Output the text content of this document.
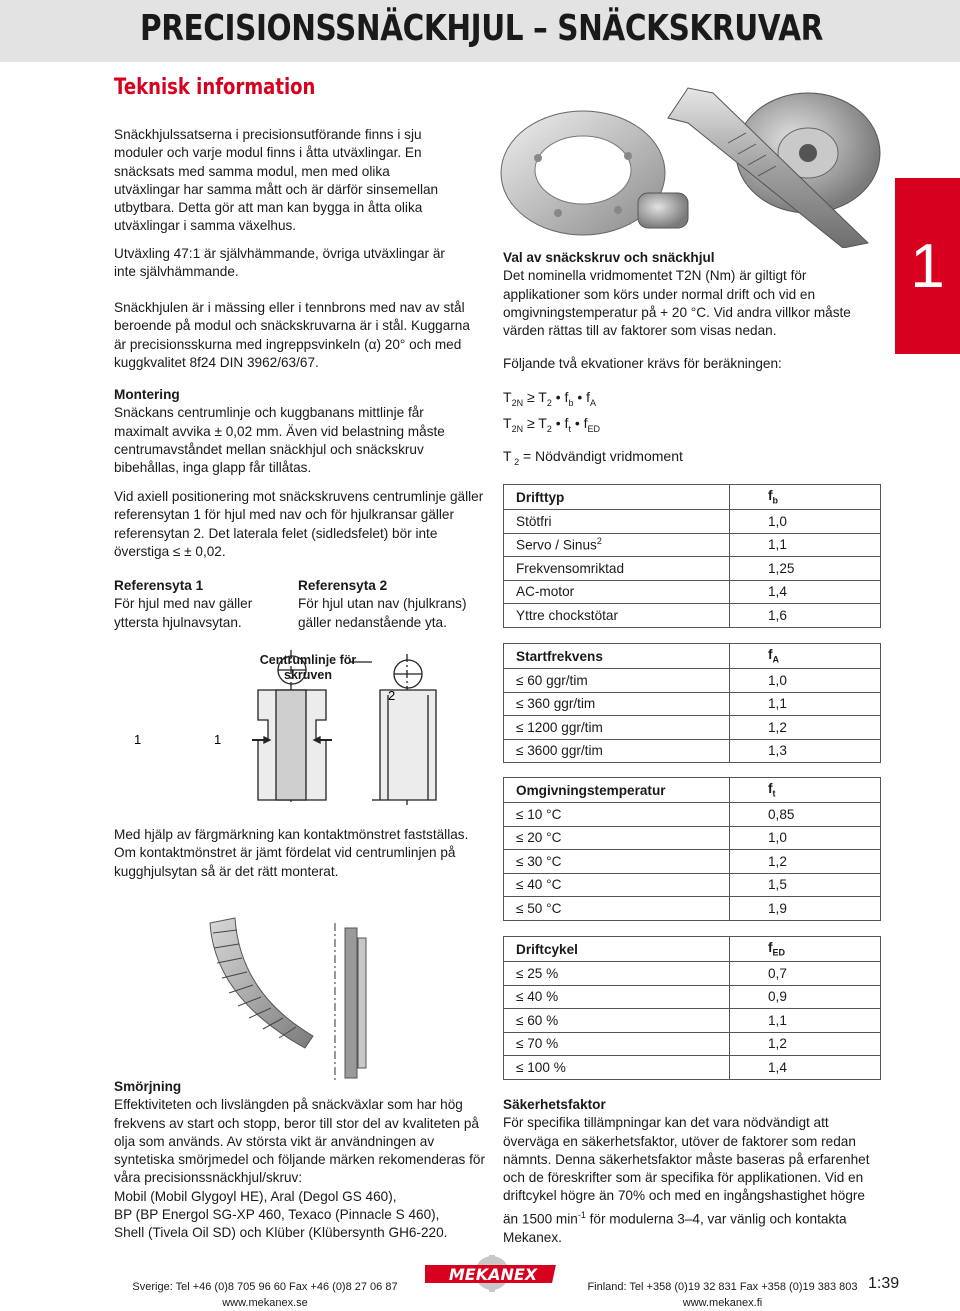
PRECISIONSSNÄCKHJUL – SNÄCKSKRUVAR
Teknisk information
1

Snäckhjulssatserna i precisionsutförande finns i sju moduler och varje modul finns i åtta utväxlingar. En snäcksats med samma modul, men med olika utväxlingar har samma mått och är därför sinsemellan utbytbara. Detta gör att man kan bygga in åtta olika utväxlingar i samma växelhus.

Utväxling 47:1 är självhämmande, övriga utväxlingar är inte självhämmande.

Snäckhjulen är i mässing eller i tennbrons med nav av stål beroende på modul och snäckskruvarna är i stål. Kuggarna är precisionsskurna med ingreppsvinkeln (α) 20° och med kuggkvalitet 8f24 DIN 3962/63/67.

Montering

Snäckans centrumlinje och kuggbanans mittlinje får maximalt avvika ± 0,02 mm. Även vid belastning måste centrumavståndet mellan snäckhjul och snäckskruv bibehållas, inga glapp får tillåtas.

Vid axiell positionering mot snäckskruvens centrumlinje gäller referensytan 1 för hjul med nav och för hjulkransar gäller referensytan 2. Det laterala felet (sidledsfelet) bör inte överstiga ≤ ± 0,02.

Referensyta 1

För hjul med nav gäller yttersta hjulnavsytan.

Referensyta 2

För hjul utan nav (hjulkrans) gäller nedanstående yta.

1	1
2
Centrumlinje för skruven

Med hjälp av färgmärkning kan kontaktmönstret fastställas. Om kontaktmönstret är jämt fördelat vid centrumlinjen på kugghjulsytan så är det rätt monterat.

Smörjning

Effektiviteten och livslängden på snäckväxlar som har hög frekvens av start och stopp, beror till stor del av kvaliteten på olja som används. Av största vikt är användningen av syntetiska smörjmedel och följande märken rekomenderas för våra precisionssnäckhjul/skruv:

Mobil (Mobil Glygoyl HE), Aral (Degol GS 460),

BP (BP Energol SG-XP 460, Texaco (Pinnacle S 460),

Shell (Tivela Oil SD) och Klüber (Klübersynth GH6-220.

Val av snäckskruv och snäckhjul

Det nominella vridmomentet T2N (Nm) är giltigt för applikationer som körs under normal drift och vid en omgivningstemperatur på + 20 °C. Vid andra villkor måste värden rättas till av faktorer som visas nedan.

Följande två ekvationer krävs för beräkningen:

$T_{2N} \ge T_2$ • $f_b$ • $f_A$
$T_{2N} \ge T_2$ • $f_t$ • $f_{ED}$
T $_2$ = Nödvändigt vridmoment
Drifttyp	$f_b$
Stötfri	1,0
Servo / Sinus$^2$	1,1
Frekvensomriktad	1,25
AC-motor	1,4
Yttre chockstötar	1,6
Startfrekvens	$f_A$
≤ 60 ggr/tim	1,0
≤ 360 ggr/tim	1,1
≤ 1200 ggr/tim	1,2
≤ 3600 ggr/tim	1,3
Omgivningstemperatur	$f_t$
≤ 10 °C	0,85
≤ 20 °C	1,0
≤ 30 °C	1,2
≤ 40 °C	1,5
≤ 50 °C	1,9
Driftcykel	$f_{ED}$
≤ 25 %	0,7
≤ 40 %	0,9
≤ 60 %	1,1
≤ 70 %	1,2
≤ 100 %	1,4

Säkerhetsfaktor

För specifika tillämpningar kan det vara nödvändigt att överväga en säkerhetsfaktor, utöver de faktorer som redan nämnts. Denna säkerhetsfaktor måste baseras på erfarenhet och de föreskrifter som är specifika för applikationen. Vid en driftcykel högre än 70% och med en ingångshastighet högre än 1500 $\min^{-1}$ för modulerna 3–4, var vänlig och kontakta Mekanex.

Sverige: Tel +46 (0)8 705 96 60 Fax +46 (0)8 27 06 87
www.mekanex.se
MEKANEX
Finland: Tel +358 (0)19 32 831 Fax +358 (0)19 383 803
www.mekanex.fi
1:39
